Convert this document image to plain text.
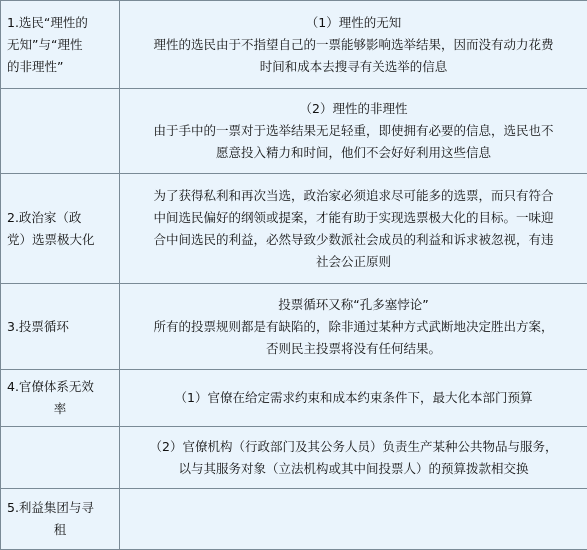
1.选民“理性的
无知”与“理性
的非理性”	（1）理性的无知
理性的选民由于不指望自己的一票能够影响选举结果，因而没有动力花费
时间和成本去搜寻有关选举的信息

	（2）理性的非理性
由于手中的一票对于选举结果无足轻重，即使拥有必要的信息，选民也不
愿意投入精力和时间，他们不会好好利用这些信息

2.政治家（政
党）选票极大化	为了获得私利和再次当选，政治家必须追求尽可能多的选票，而只有符合
中间选民偏好的纲领或提案，才能有助于实现选票极大化的目标。一味迎
合中间选民的利益，必然导致少数派社会成员的利益和诉求被忽视，有违
社会公正原则

3.投票循环	投票循环又称“孔多塞悖论”
所有的投票规则都是有缺陷的，除非通过某种方式武断地决定胜出方案，
否则民主投票将没有任何结果。

4.官僚体系无效
率	（1）官僚在给定需求约束和成本约束条件下，最大化本部门预算

	（2）官僚机构（行政部门及其公务人员）负责生产某种公共物品与服务，
以与其服务对象（立法机构或其中间投票人）的预算拨款相交换

5.利益集团与寻
租	
